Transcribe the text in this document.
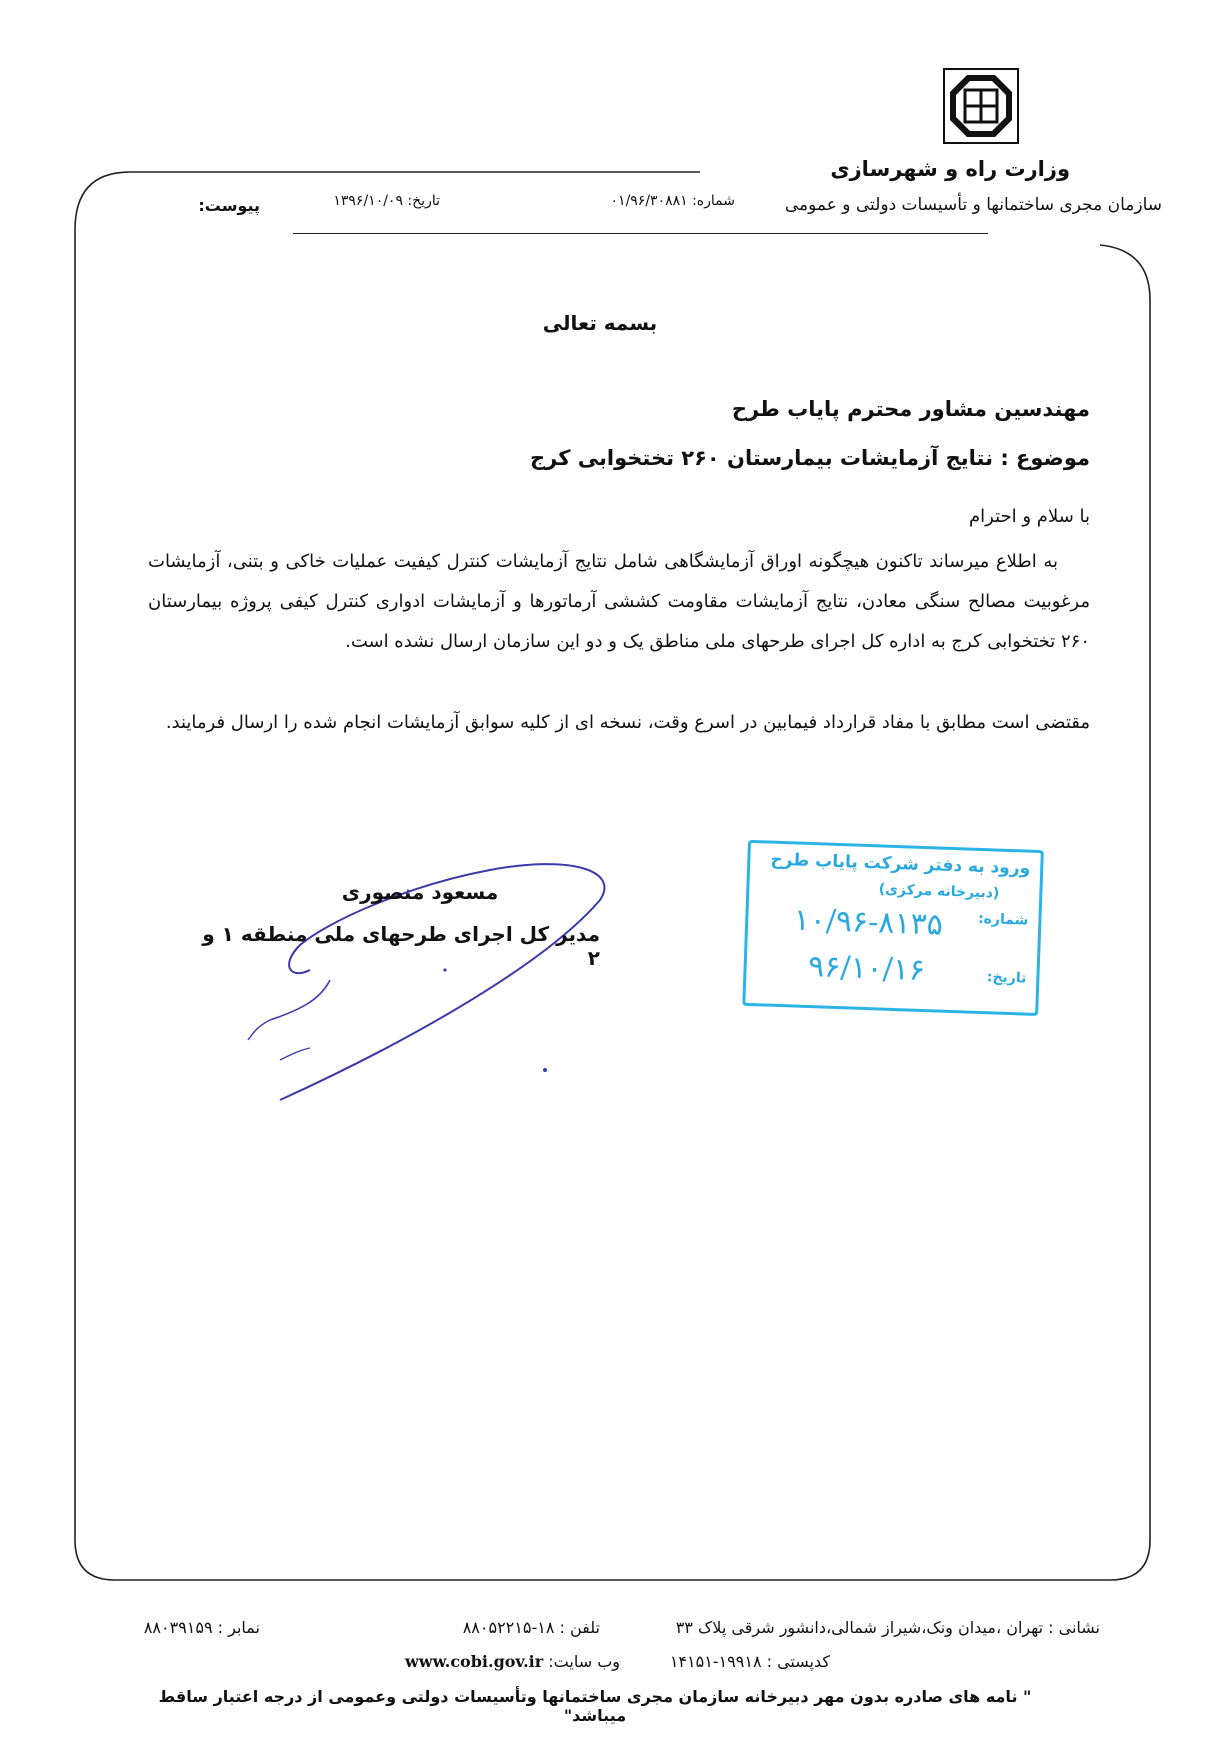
وزارت راه و شهرسازی
سازمان مجری ساختمانها و تأسیسات دولتی و عمومی
شماره: ۰۱/۹۶/۳۰۸۸۱
تاریخ: ۱۳۹۶/۱۰/۰۹
پیوست:
بسمه تعالی
مهندسین مشاور محترم پایاب طرح
موضوع : نتایج آزمایشات بیمارستان ۲۶۰ تختخوابی کرج
با سلام و احترام
به اطلاع میرساند تاکنون هیچگونه اوراق آزمایشگاهی شامل نتایج آزمایشات کنترل کیفیت عملیات خاکی و بتنی، آزمایشات مرغوبیت مصالح سنگی معادن، نتایج آزمایشات مقاومت کششی آرماتورها و آزمایشات ادواری کنترل کیفی پروژه بیمارستان ۲۶۰ تختخوابی کرج به اداره کل اجرای طرحهای ملی مناطق یک و دو این سازمان ارسال نشده است.
مقتضی است مطابق با مفاد قرارداد فیمابین در اسرع وقت، نسخه ای از کلیه سوابق آزمایشات انجام شده را ارسال فرمایند.
مسعود منصوری
مدیر کل اجرای طرحهای ملی منطقه ۱ و ۲
ورود به دفتر شرکت پایاب طرح
(دبیرخانه مرکزی)
شماره:
۱۰/۹۶-۸۱۳۵
تاریخ:
۹۶/۱۰/۱۶
نشانی : تهران ،میدان ونک،شیراز شمالی،دانشور شرقی پلاک ۳۳
تلفن : ۱۸-۸۸۰۵۲۲۱۵
نمابر : ۸۸۰۳۹۱۵۹
کدپستی : ۱۹۹۱۸-۱۴۱۵۱
وب سایت: www.cobi.gov.ir
" نامه های صادره بدون مهر دبیرخانه سازمان مجری ساختمانها وتأسیسات دولتی وعمومی از درجه اعتبار ساقط میباشد"
